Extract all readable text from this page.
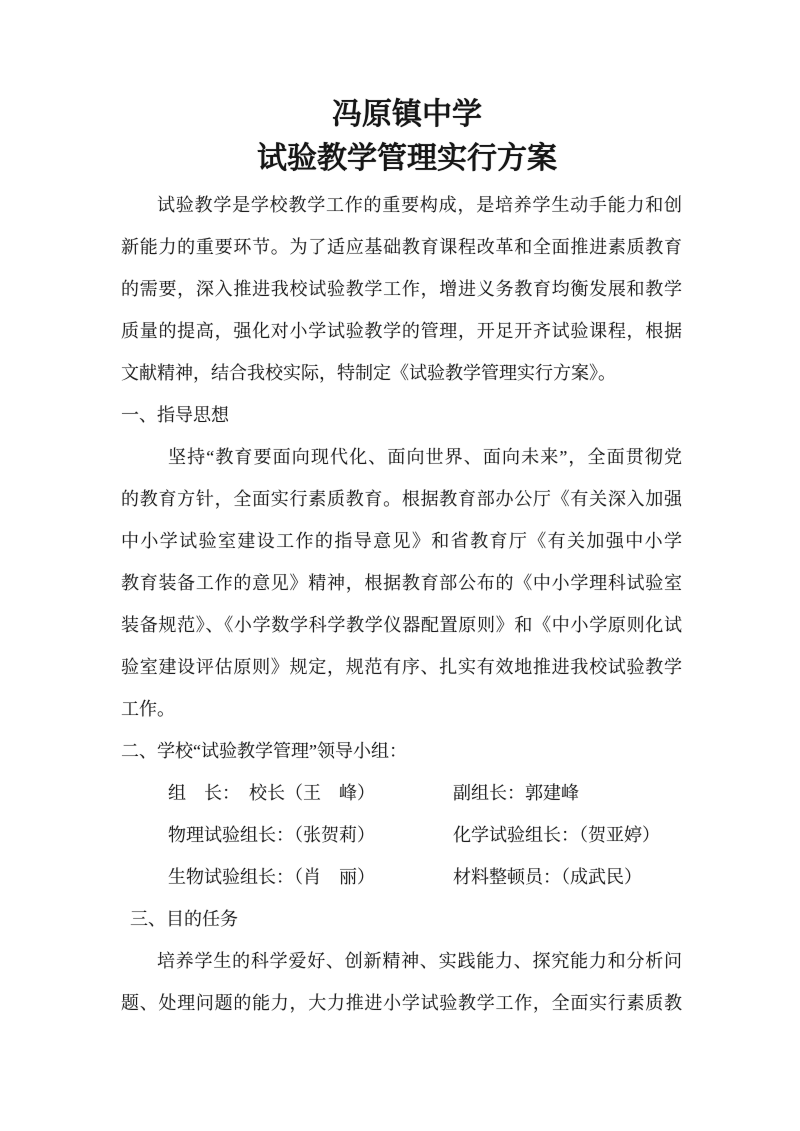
冯原镇中学
试验教学管理实行方案
试验教学是学校教学工作的重要构成，是培养学生动手能力和创
新能力的重要环节。为了适应基础教育课程改革和全面推进素质教育
的需要，深入推进我校试验教学工作，增进义务教育均衡发展和教学
质量的提高，强化对小学试验教学的管理，开足开齐试验课程，根据
文献精神，结合我校实际，特制定《试验教学管理实行方案》。
一、指导思想
坚持“教育要面向现代化、面向世界、面向未来”，全面贯彻党
的教育方针，全面实行素质教育。根据教育部办公厅《有关深入加强
中小学试验室建设工作的指导意见》和省教育厅《有关加强中小学
教育装备工作的意见》精神，根据教育部公布的《中小学理科试验室
装备规范》、《小学数学科学教学仪器配置原则》和《中小学原则化试
验室建设评估原则》规定，规范有序、扎实有效地推进我校试验教学
工作。
二、学校“试验教学管理”领导小组：
组　长：　校长（王　峰）	副组长：郭建峰
物理试验组长：（张贺莉）	化学试验组长：（贺亚婷）
生物试验组长：（肖　丽）	材料整顿员：（成武民）
三、目的任务
培养学生的科学爱好、创新精神、实践能力、探究能力和分析问
题、处理问题的能力，大力推进小学试验教学工作，全面实行素质教
